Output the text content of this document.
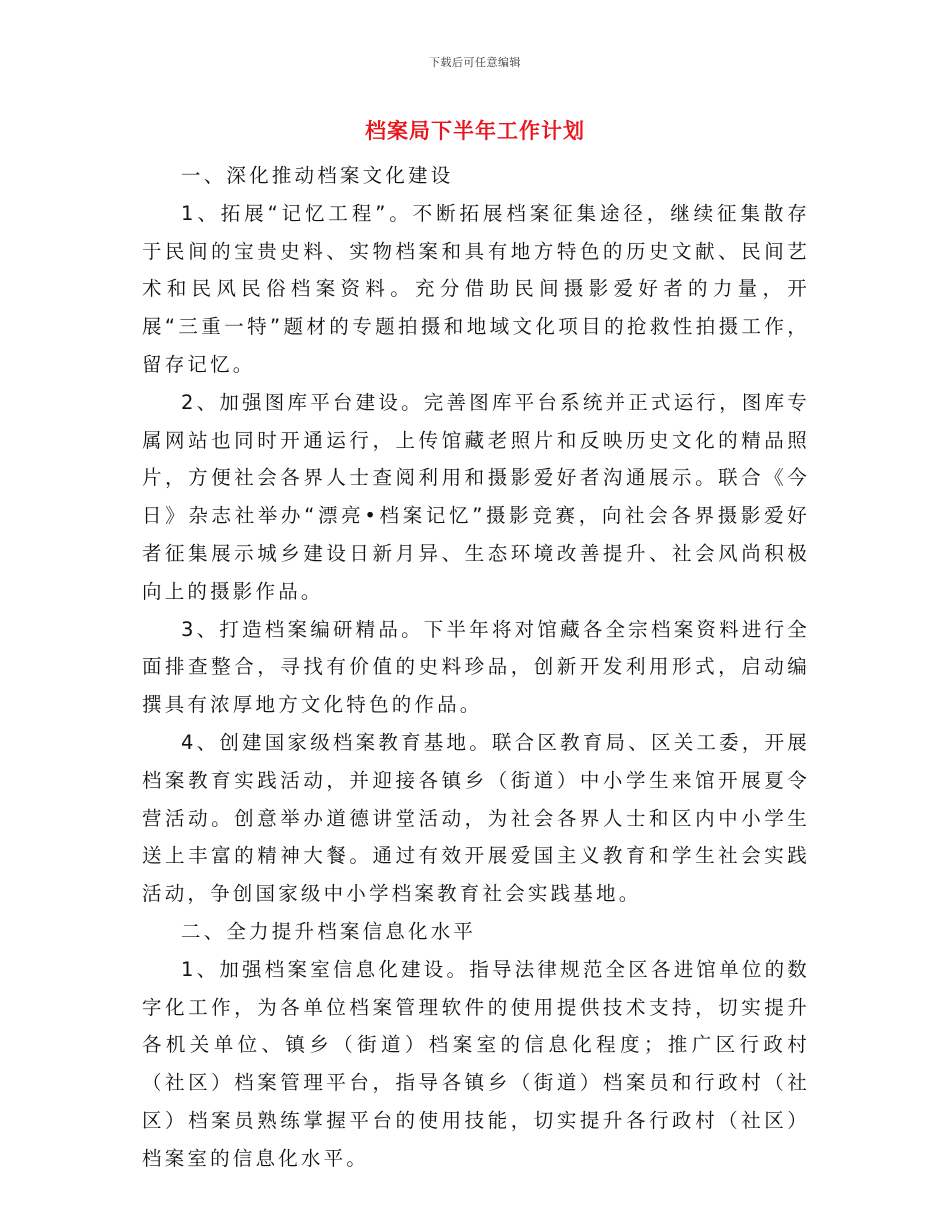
下载后可任意编辑
档案局下半年工作计划

一、深化推动档案文化建设

1、拓展“记忆工程”。不断拓展档案征集途径，继续征集散存于民间的宝贵史料、实物档案和具有地方特色的历史文献、民间艺术和民风民俗档案资料。充分借助民间摄影爱好者的力量，开展“三重一特”题材的专题拍摄和地域文化项目的抢救性拍摄工作，留存记忆。

2、加强图库平台建设。完善图库平台系统并正式运行，图库专属网站也同时开通运行，上传馆藏老照片和反映历史文化的精品照片，方便社会各界人士查阅利用和摄影爱好者沟通展示。联合《今日》杂志社举办“漂亮•档案记忆”摄影竞赛，向社会各界摄影爱好者征集展示城乡建设日新月异、生态环境改善提升、社会风尚积极向上的摄影作品。

3、打造档案编研精品。下半年将对馆藏各全宗档案资料进行全面排查整合，寻找有价值的史料珍品，创新开发利用形式，启动编撰具有浓厚地方文化特色的作品。

4、创建国家级档案教育基地。联合区教育局、区关工委，开展档案教育实践活动，并迎接各镇乡（街道）中小学生来馆开展夏令营活动。创意举办道德讲堂活动，为社会各界人士和区内中小学生送上丰富的精神大餐。通过有效开展爱国主义教育和学生社会实践活动，争创国家级中小学档案教育社会实践基地。

二、全力提升档案信息化水平

1、加强档案室信息化建设。指导法律规范全区各进馆单位的数字化工作，为各单位档案管理软件的使用提供技术支持，切实提升各机关单位、镇乡（街道）档案室的信息化程度；推广区行政村（社区）档案管理平台，指导各镇乡（街道）档案员和行政村（社区）档案员熟练掌握平台的使用技能，切实提升各行政村（社区）档案室的信息化水平。
